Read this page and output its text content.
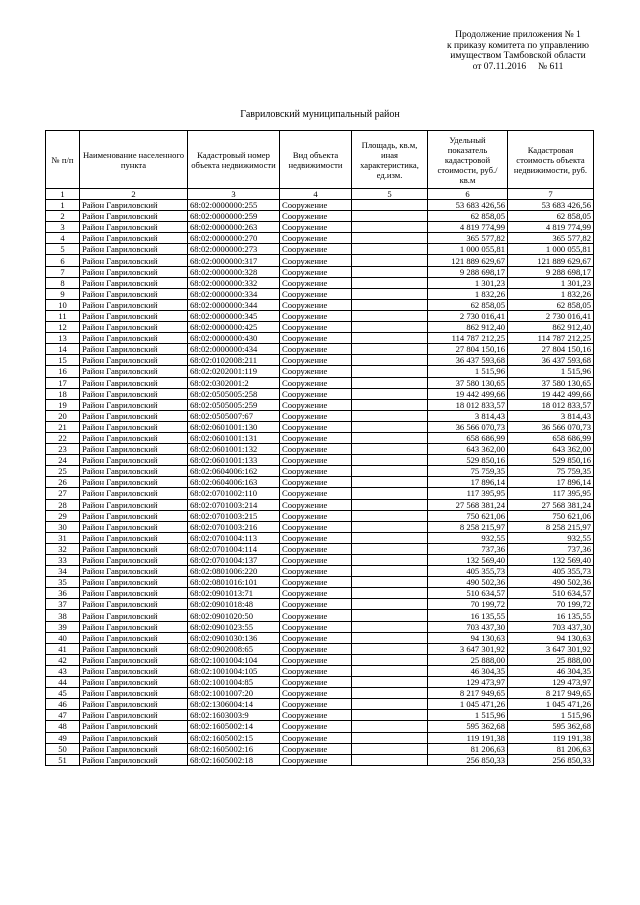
Продолжение приложения № 1
к приказу комитета по управлению
имуществом Тамбовской области
от 07.11.2016     № 611
Гавриловский муниципальный район
№ п/п	Наименование населенного пункта	Кадастровый номер объекта недвижимости	Вид объекта недвижимости	Площадь, кв.м, иная характеристика, ед.изм.	Удельный показатель кадастровой стоимости, руб./кв.м	Кадастровая стоимость объекта недвижимости, руб.
1	2	3	4	5	6	7
1	Район Гавриловский	68:02:0000000:255	Сооружение		53 683 426,56	53 683 426,56
2	Район Гавриловский	68:02:0000000:259	Сооружение		62 858,05	62 858,05
3	Район Гавриловский	68:02:0000000:263	Сооружение		4 819 774,99	4 819 774,99
4	Район Гавриловский	68:02:0000000:270	Сооружение		365 577,82	365 577,82
5	Район Гавриловский	68:02:0000000:273	Сооружение		1 000 055,81	1 000 055,81
6	Район Гавриловский	68:02:0000000:317	Сооружение		121 889 629,67	121 889 629,67
7	Район Гавриловский	68:02:0000000:328	Сооружение		9 288 698,17	9 288 698,17
8	Район Гавриловский	68:02:0000000:332	Сооружение		1 301,23	1 301,23
9	Район Гавриловский	68:02:0000000:334	Сооружение		1 832,26	1 832,26
10	Район Гавриловский	68:02:0000000:344	Сооружение		62 858,05	62 858,05
11	Район Гавриловский	68:02:0000000:345	Сооружение		2 730 016,41	2 730 016,41
12	Район Гавриловский	68:02:0000000:425	Сооружение		862 912,40	862 912,40
13	Район Гавриловский	68:02:0000000:430	Сооружение		114 787 212,25	114 787 212,25
14	Район Гавриловский	68:02:0000000:434	Сооружение		27 804 150,16	27 804 150,16
15	Район Гавриловский	68:02:0102008:211	Сооружение		36 437 593,68	36 437 593,68
16	Район Гавриловский	68:02:0202001:119	Сооружение		1 515,96	1 515,96
17	Район Гавриловский	68:02:0302001:2	Сооружение		37 580 130,65	37 580 130,65
18	Район Гавриловский	68:02:0505005:258	Сооружение		19 442 499,66	19 442 499,66
19	Район Гавриловский	68:02:0505005:259	Сооружение		18 012 833,57	18 012 833,57
20	Район Гавриловский	68:02:0505007:67	Сооружение		3 814,43	3 814,43
21	Район Гавриловский	68:02:0601001:130	Сооружение		36 566 070,73	36 566 070,73
22	Район Гавриловский	68:02:0601001:131	Сооружение		658 686,99	658 686,99
23	Район Гавриловский	68:02:0601001:132	Сооружение		643 362,00	643 362,00
24	Район Гавриловский	68:02:0601001:133	Сооружение		529 850,16	529 850,16
25	Район Гавриловский	68:02:0604006:162	Сооружение		75 759,35	75 759,35
26	Район Гавриловский	68:02:0604006:163	Сооружение		17 896,14	17 896,14
27	Район Гавриловский	68:02:0701002:110	Сооружение		117 395,95	117 395,95
28	Район Гавриловский	68:02:0701003:214	Сооружение		27 568 381,24	27 568 381,24
29	Район Гавриловский	68:02:0701003:215	Сооружение		750 621,06	750 621,06
30	Район Гавриловский	68:02:0701003:216	Сооружение		8 258 215,97	8 258 215,97
31	Район Гавриловский	68:02:0701004:113	Сооружение		932,55	932,55
32	Район Гавриловский	68:02:0701004:114	Сооружение		737,36	737,36
33	Район Гавриловский	68:02:0701004:137	Сооружение		132 569,40	132 569,40
34	Район Гавриловский	68:02:0801006:220	Сооружение		405 355,73	405 355,73
35	Район Гавриловский	68:02:0801016:101	Сооружение		490 502,36	490 502,36
36	Район Гавриловский	68:02:0901013:71	Сооружение		510 634,57	510 634,57
37	Район Гавриловский	68:02:0901018:48	Сооружение		70 199,72	70 199,72
38	Район Гавриловский	68:02:0901020:50	Сооружение		16 135,55	16 135,55
39	Район Гавриловский	68:02:0901023:55	Сооружение		703 437,30	703 437,30
40	Район Гавриловский	68:02:0901030:136	Сооружение		94 130,63	94 130,63
41	Район Гавриловский	68:02:0902008:65	Сооружение		3 647 301,92	3 647 301,92
42	Район Гавриловский	68:02:1001004:104	Сооружение		25 888,00	25 888,00
43	Район Гавриловский	68:02:1001004:105	Сооружение		46 304,35	46 304,35
44	Район Гавриловский	68:02:1001004:85	Сооружение		129 473,97	129 473,97
45	Район Гавриловский	68:02:1001007:20	Сооружение		8 217 949,65	8 217 949,65
46	Район Гавриловский	68:02:1306004:14	Сооружение		1 045 471,26	1 045 471,26
47	Район Гавриловский	68:02:1603003:9	Сооружение		1 515,96	1 515,96
48	Район Гавриловский	68:02:1605002:14	Сооружение		595 362,68	595 362,68
49	Район Гавриловский	68:02:1605002:15	Сооружение		119 191,38	119 191,38
50	Район Гавриловский	68:02:1605002:16	Сооружение		81 206,63	81 206,63
51	Район Гавриловский	68:02:1605002:18	Сооружение		256 850,33	256 850,33
